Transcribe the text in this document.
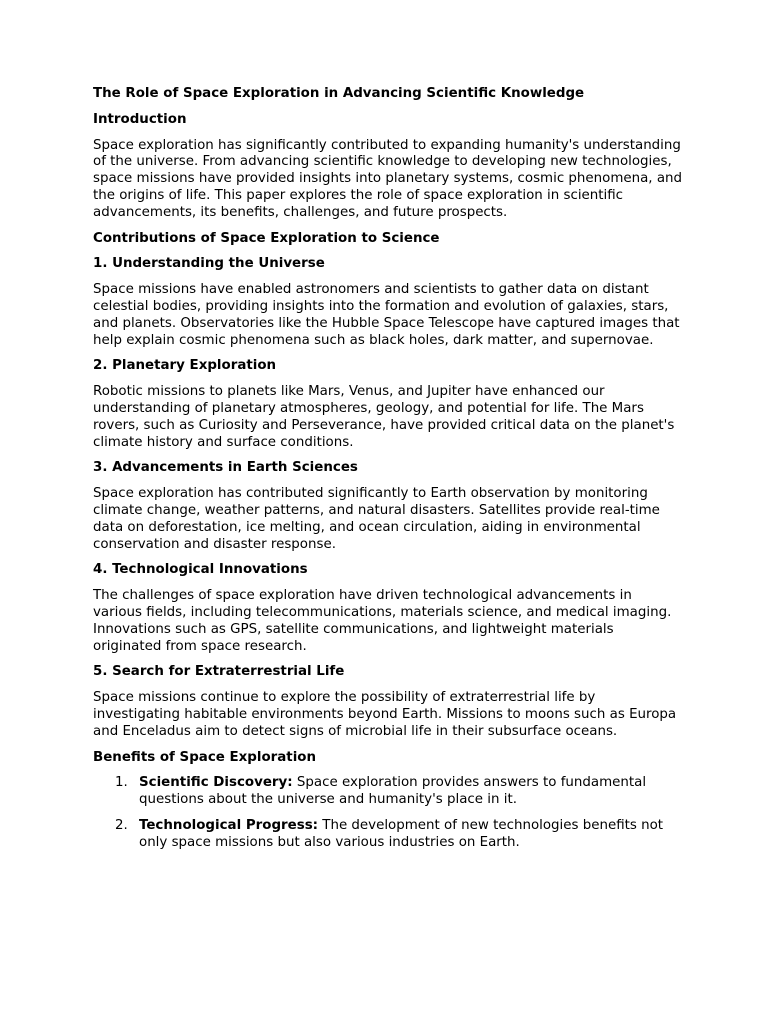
The Role of Space Exploration in Advancing Scientific Knowledge

Introduction

Space exploration has significantly contributed to expanding humanity's understanding of the universe. From advancing scientific knowledge to developing new technologies, space missions have provided insights into planetary systems, cosmic phenomena, and the origins of life. This paper explores the role of space exploration in scientific advancements, its benefits, challenges, and future prospects.

Contributions of Space Exploration to Science

1. Understanding the Universe

Space missions have enabled astronomers and scientists to gather data on distant celestial bodies, providing insights into the formation and evolution of galaxies, stars, and planets. Observatories like the Hubble Space Telescope have captured images that help explain cosmic phenomena such as black holes, dark matter, and supernovae.

2. Planetary Exploration

Robotic missions to planets like Mars, Venus, and Jupiter have enhanced our understanding of planetary atmospheres, geology, and potential for life. The Mars rovers, such as Curiosity and Perseverance, have provided critical data on the planet's climate history and surface conditions.

3. Advancements in Earth Sciences

Space exploration has contributed significantly to Earth observation by monitoring climate change, weather patterns, and natural disasters. Satellites provide real-time data on deforestation, ice melting, and ocean circulation, aiding in environmental conservation and disaster response.

4. Technological Innovations

The challenges of space exploration have driven technological advancements in various fields, including telecommunications, materials science, and medical imaging. Innovations such as GPS, satellite communications, and lightweight materials originated from space research.

5. Search for Extraterrestrial Life

Space missions continue to explore the possibility of extraterrestrial life by investigating habitable environments beyond Earth. Missions to moons such as Europa and Enceladus aim to detect signs of microbial life in their subsurface oceans.

Benefits of Space Exploration

1. Scientific Discovery: Space exploration provides answers to fundamental questions about the universe and humanity's place in it.
2. Technological Progress: The development of new technologies benefits not only space missions but also various industries on Earth.
